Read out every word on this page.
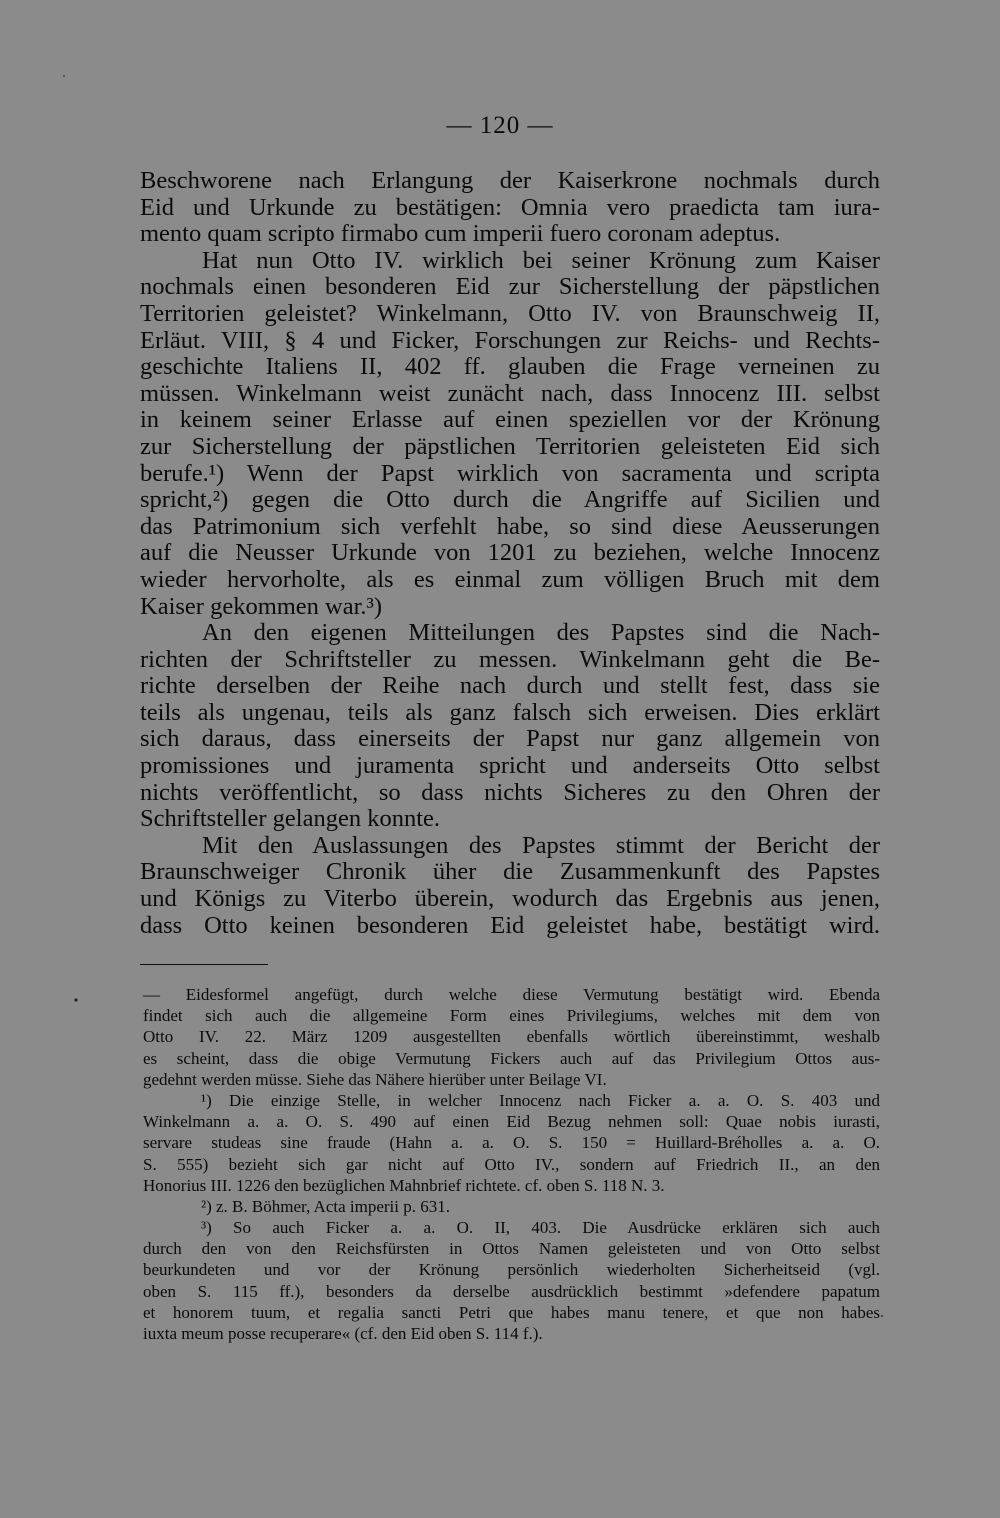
— 120 —
Beschworene nach Erlangung der Kaiserkrone nochmals durch
Eid und Urkunde zu bestätigen: Omnia vero praedicta tam iura-
mento quam scripto firmabo cum imperii fuero coronam adeptus.
Hat nun Otto IV. wirklich bei seiner Krönung zum Kaiser
nochmals einen besonderen Eid zur Sicherstellung der päpstlichen
Territorien geleistet? Winkelmann, Otto IV. von Braunschweig II,
Erläut. VIII, § 4 und Ficker, Forschungen zur Reichs- und Rechts-
geschichte Italiens II, 402 ff. glauben die Frage verneinen zu
müssen. Winkelmann weist zunächt nach, dass Innocenz III. selbst
in keinem seiner Erlasse auf einen speziellen vor der Krönung
zur Sicherstellung der päpstlichen Territorien geleisteten Eid sich
berufe.¹) Wenn der Papst wirklich von sacramenta und scripta
spricht,²) gegen die Otto durch die Angriffe auf Sicilien und
das Patrimonium sich verfehlt habe, so sind diese Aeusserungen
auf die Neusser Urkunde von 1201 zu beziehen, welche Innocenz
wieder hervorholte, als es einmal zum völligen Bruch mit dem
Kaiser gekommen war.³)
An den eigenen Mitteilungen des Papstes sind die Nach-
richten der Schriftsteller zu messen. Winkelmann geht die Be-
richte derselben der Reihe nach durch und stellt fest, dass sie
teils als ungenau, teils als ganz falsch sich erweisen. Dies erklärt
sich daraus, dass einerseits der Papst nur ganz allgemein von
promissiones und juramenta spricht und anderseits Otto selbst
nichts veröffentlicht, so dass nichts Sicheres zu den Ohren der
Schriftsteller gelangen konnte.
Mit den Auslassungen des Papstes stimmt der Bericht der
Braunschweiger Chronik üher die Zusammenkunft des Papstes
und Königs zu Viterbo überein, wodurch das Ergebnis aus jenen,
dass Otto keinen besonderen Eid geleistet habe, bestätigt wird.
— Eidesformel angefügt, durch welche diese Vermutung bestätigt wird. Ebenda
findet sich auch die allgemeine Form eines Privilegiums, welches mit dem von
Otto IV. 22. März 1209 ausgestellten ebenfalls wörtlich übereinstimmt, weshalb
es scheint, dass die obige Vermutung Fickers auch auf das Privilegium Ottos aus-
gedehnt werden müsse. Siehe das Nähere hierüber unter Beilage VI.
¹) Die einzige Stelle, in welcher Innocenz nach Ficker a. a. O. S. 403 und
Winkelmann a. a. O. S. 490 auf einen Eid Bezug nehmen soll: Quae nobis iurasti,
servare studeas sine fraude (Hahn a. a. O. S. 150 = Huillard-Bréholles a. a. O.
S. 555) bezieht sich gar nicht auf Otto IV., sondern auf Friedrich II., an den
Honorius III. 1226 den bezüglichen Mahnbrief richtete. cf. oben S. 118 N. 3.
²) z. B. Böhmer, Acta imperii p. 631.
³) So auch Ficker a. a. O. II, 403. Die Ausdrücke erklären sich auch
durch den von den Reichsfürsten in Ottos Namen geleisteten und von Otto selbst
beurkundeten und vor der Krönung persönlich wiederholten Sicherheitseid (vgl.
oben S. 115 ff.), besonders da derselbe ausdrücklich bestimmt »defendere papatum
et honorem tuum, et regalia sancti Petri que habes manu tenere, et que non habes
iuxta meum posse recuperare« (cf. den Eid oben S. 114 f.).
